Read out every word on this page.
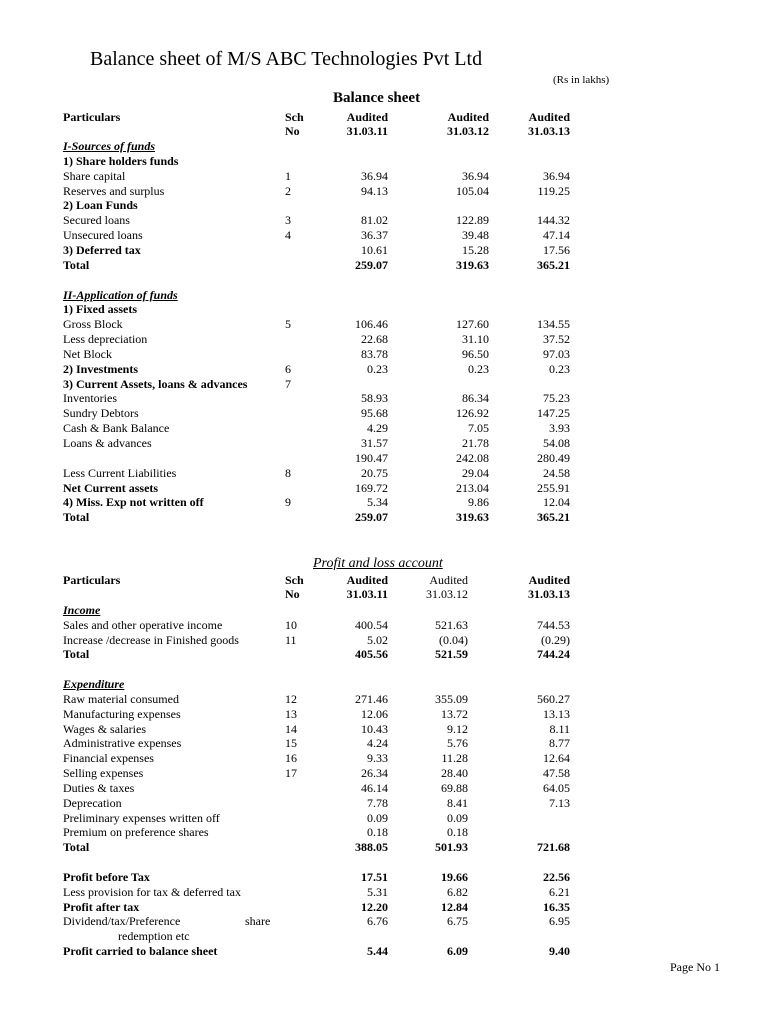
Balance sheet of M/S ABC Technologies Pvt Ltd
(Rs in lakhs)
Balance sheet
Particulars	Sch	Audited	Audited	Audited
No	31.03.11	31.03.12	31.03.13
I-Sources of funds
1) Share holders funds
Share capital	1	36.94	36.94	36.94
Reserves and surplus	2	94.13	105.04	119.25
2) Loan Funds
Secured loans	3	81.02	122.89	144.32
Unsecured loans	4	36.37	39.48	47.14
3) Deferred tax	10.61	15.28	17.56
Total	259.07	319.63	365.21
II-Application of funds
1) Fixed assets
Gross Block	5	106.46	127.60	134.55
Less depreciation	22.68	31.10	37.52
Net Block	83.78	96.50	97.03
2) Investments	6	0.23	0.23	0.23
3) Current Assets, loans & advances	7
Inventories	58.93	86.34	75.23
Sundry Debtors	95.68	126.92	147.25
Cash & Bank Balance	4.29	7.05	3.93
Loans & advances	31.57	21.78	54.08
190.47	242.08	280.49
Less Current Liabilities	8	20.75	29.04	24.58
Net Current assets	169.72	213.04	255.91
4) Miss. Exp not written off	9	5.34	9.86	12.04
Total	259.07	319.63	365.21
Profit and loss account
Particulars	Sch	Audited	Audited	Audited
No	31.03.11	31.03.12	31.03.13
Income
Sales and other operative income	10	400.54	521.63	744.53
Increase /decrease in Finished goods	11	5.02	(0.04)	(0.29)
Total	405.56	521.59	744.24
Expenditure
Raw material consumed	12	271.46	355.09	560.27
Manufacturing expenses	13	12.06	13.72	13.13
Wages & salaries	14	10.43	9.12	8.11
Administrative expenses	15	4.24	5.76	8.77
Financial expenses	16	9.33	11.28	12.64
Selling expenses	17	26.34	28.40	47.58
Duties & taxes	46.14	69.88	64.05
Deprecation	7.78	8.41	7.13
Preliminary expenses written off	0.09	0.09
Premium on preference shares	0.18	0.18
Total	388.05	501.93	721.68
Profit before Tax	17.51	19.66	22.56
Less provision for tax & deferred tax	5.31	6.82	6.21
Profit after tax	12.20	12.84	16.35
Dividend/tax/Preference	share	6.76	6.75	6.95
redemption etc
Profit carried to balance sheet	5.44	6.09	9.40
Page No 1
